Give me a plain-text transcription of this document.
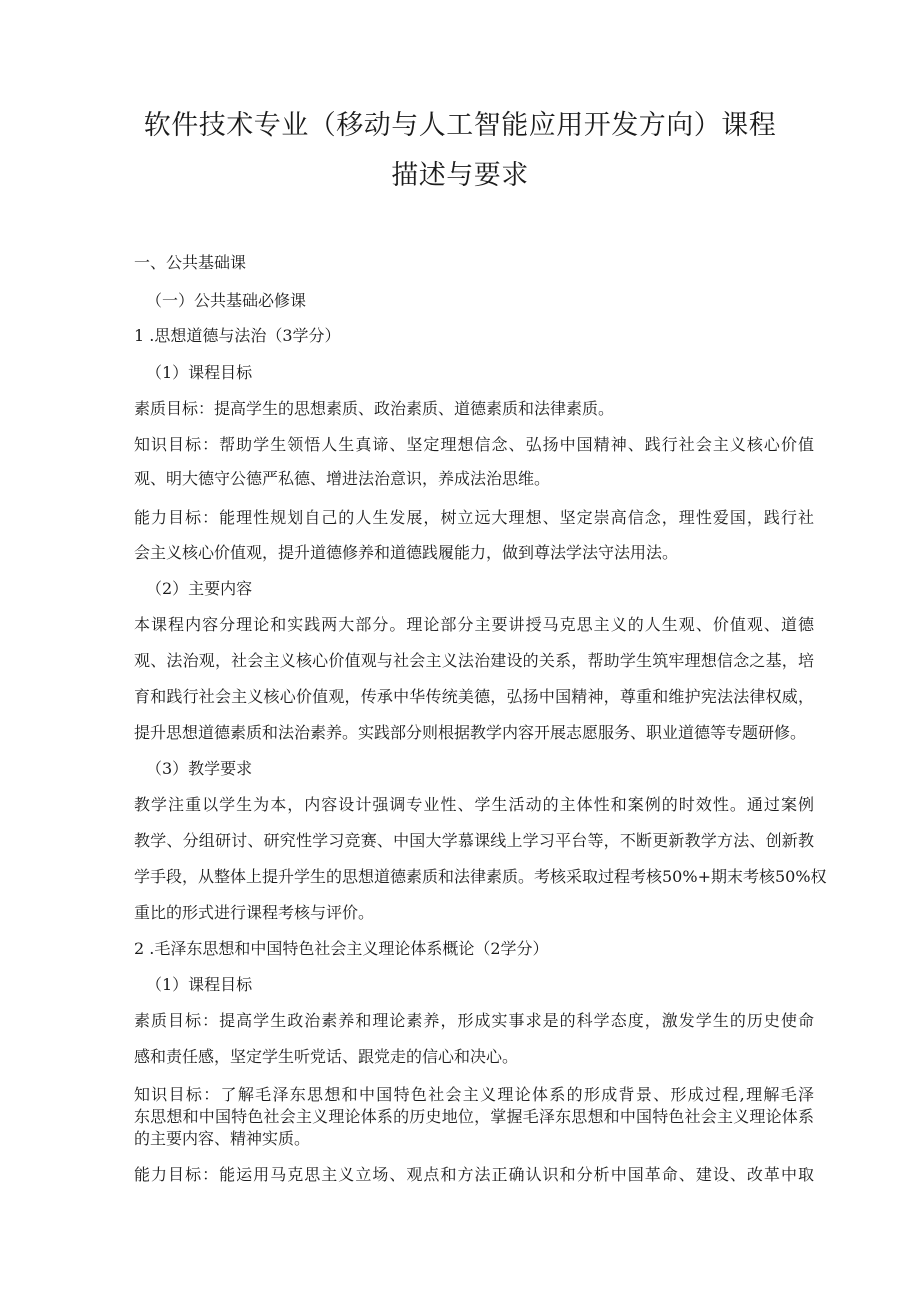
软件技术专业（移动与人工智能应用开发方向）课程
描述与要求
一、公共基础课
（一）公共基础必修课
1 .思想道德与法治（3学分）
（1）课程目标
素质目标：提高学生的思想素质、政治素质、道德素质和法律素质。
知识目标：帮助学生领悟人生真谛、坚定理想信念、弘扬中国精神、践行社会主义核心价值
观、明大德守公德严私德、增进法治意识，养成法治思维。
能力目标：能理性规划自己的人生发展，树立远大理想、坚定崇高信念，理性爱国，践行社
会主义核心价值观，提升道德修养和道德践履能力，做到尊法学法守法用法。
（2）主要内容
本课程内容分理论和实践两大部分。理论部分主要讲授马克思主义的人生观、价值观、道德
观、法治观，社会主义核心价值观与社会主义法治建设的关系，帮助学生筑牢理想信念之基，培
育和践行社会主义核心价值观，传承中华传统美德，弘扬中国精神，尊重和维护宪法法律权威，
提升思想道德素质和法治素养。实践部分则根据教学内容开展志愿服务、职业道德等专题研修。
（3）教学要求
教学注重以学生为本，内容设计强调专业性、学生活动的主体性和案例的时效性。通过案例
教学、分组研讨、研究性学习竞赛、中国大学慕课线上学习平台等，不断更新教学方法、创新教
学手段，从整体上提升学生的思想道德素质和法律素质。考核采取过程考核50%+期末考核50%权
重比的形式进行课程考核与评价。
2 .毛泽东思想和中国特色社会主义理论体系概论（2学分）
（1）课程目标
素质目标：提高学生政治素养和理论素养，形成实事求是的科学态度，激发学生的历史使命
感和责任感，坚定学生听党话、跟党走的信心和决心。
知识目标：了解毛泽东思想和中国特色社会主义理论体系的形成背景、形成过程,理解毛泽
东思想和中国特色社会主义理论体系的历史地位，掌握毛泽东思想和中国特色社会主义理论体系
的主要内容、精神实质。
能力目标：能运用马克思主义立场、观点和方法正确认识和分析中国革命、建设、改革中取
